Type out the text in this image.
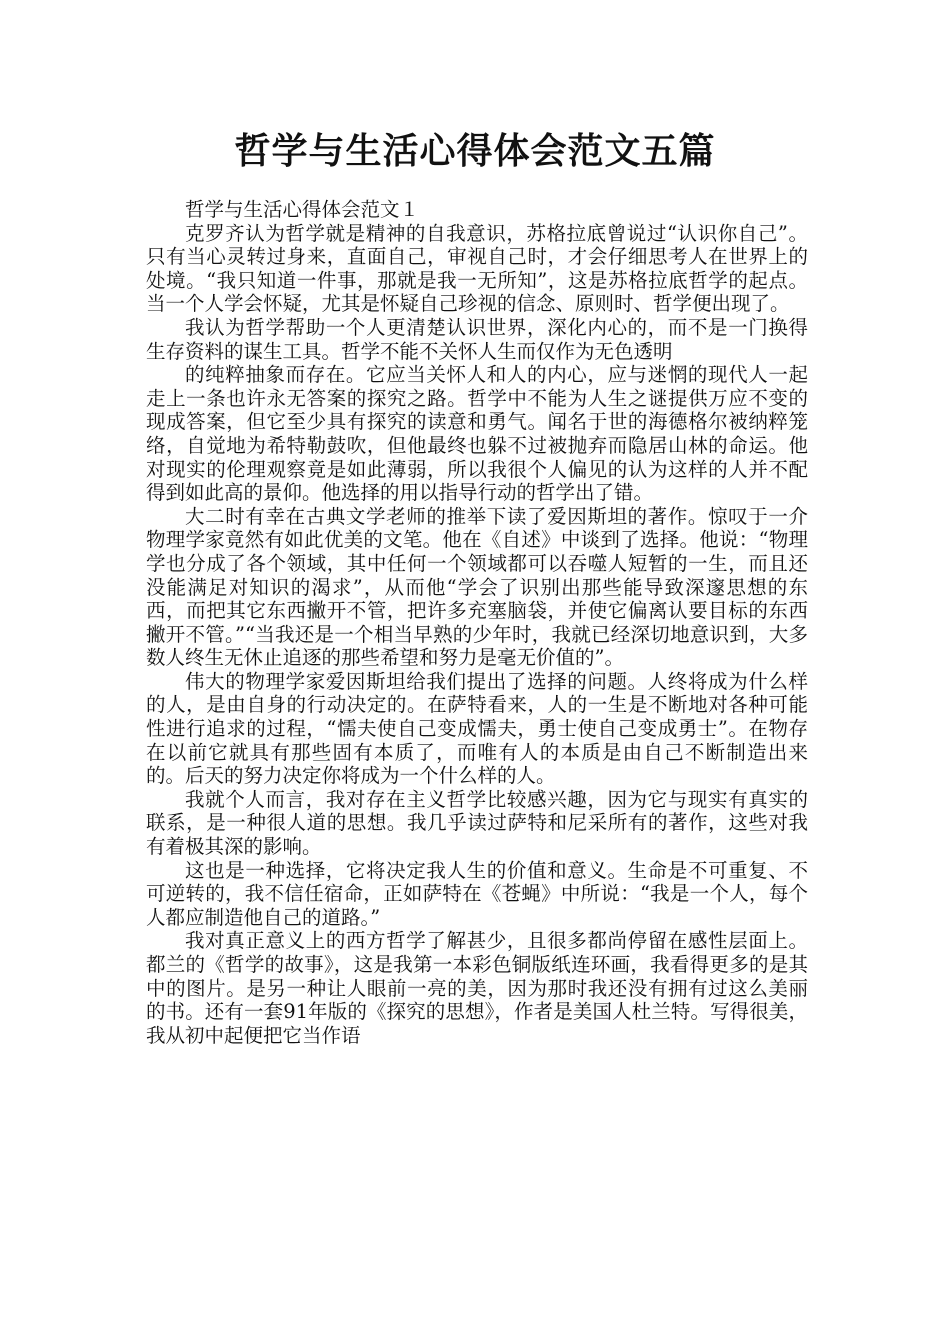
哲学与生活心得体会范文五篇

哲学与生活心得体会范文１

克罗齐认为哲学就是精神的自我意识，苏格拉底曾说过“认识你自己”。只有当心灵转过身来，直面自己，审视自己时，才会仔细思考人在世界上的处境。“我只知道一件事，那就是我一无所知”，这是苏格拉底哲学的起点。当一个人学会怀疑，尤其是怀疑自己珍视的信念、原则时、哲学便出现了。

我认为哲学帮助一个人更清楚认识世界，深化内心的，而不是一门换得生存资料的谋生工具。哲学不能不关怀人生而仅作为无色透明

的纯粹抽象而存在。它应当关怀人和人的内心，应与迷惘的现代人一起走上一条也许永无答案的探究之路。哲学中不能为人生之谜提供万应不变的现成答案，但它至少具有探究的读意和勇气。闻名于世的海德格尔被纳粹笼络，自觉地为希特勒鼓吹，但他最终也躲不过被抛弃而隐居山林的命运。他对现实的伦理观察竟是如此薄弱，所以我很个人偏见的认为这样的人并不配得到如此高的景仰。他选择的用以指导行动的哲学出了错。

大二时有幸在古典文学老师的推举下读了爱因斯坦的著作。惊叹于一介物理学家竟然有如此优美的文笔。他在《自述》中谈到了选择。他说：“物理学也分成了各个领域，其中任何一个领域都可以吞噬人短暂的一生，而且还没能满足对知识的渴求”，从而他“学会了识别出那些能导致深邃思想的东西，而把其它东西撇开不管，把许多充塞脑袋，并使它偏离认要目标的东西撇开不管。”“当我还是一个相当早熟的少年时，我就已经深切地意识到，大多数人终生无休止追逐的那些希望和努力是毫无价值的”。

伟大的物理学家爱因斯坦给我们提出了选择的问题。人终将成为什么样的人，是由自身的行动决定的。在萨特看来，人的一生是不断地对各种可能性进行追求的过程，“懦夫使自己变成懦夫，勇士使自己变成勇士”。在物存在以前它就具有那些固有本质了，而唯有人的本质是由自己不断制造出来的。后天的努力决定你将成为一个什么样的人。

我就个人而言，我对存在主义哲学比较感兴趣，因为它与现实有真实的联系，是一种很人道的思想。我几乎读过萨特和尼采所有的著作，这些对我有着极其深的影响。

这也是一种选择，它将决定我人生的价值和意义。生命是不可重复、不可逆转的，我不信任宿命，正如萨特在《苍蝇》中所说：“我是一个人，每个人都应制造他自己的道路。”

我对真正意义上的西方哲学了解甚少，且很多都尚停留在感性层面上。都兰的《哲学的故事》，这是我第一本彩色铜版纸连环画，我看得更多的是其中的图片。是另一种让人眼前一亮的美，因为那时我还没有拥有过这么美丽的书。还有一套91年版的《探究的思想》，作者是美国人杜兰特。写得很美，我从初中起便把它当作语
